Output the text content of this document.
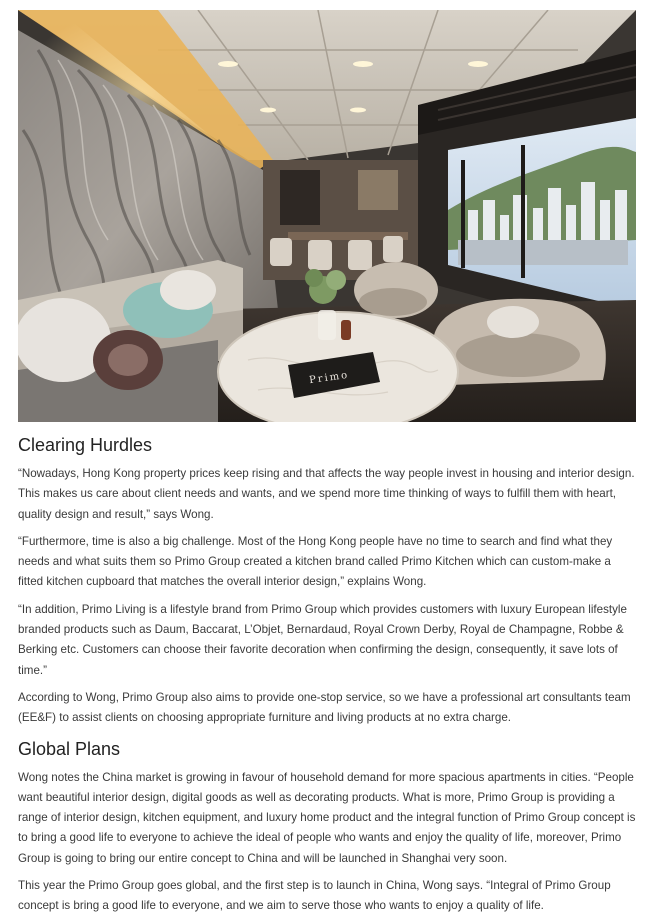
Primo
Clearing Hurdles

“Nowadays, Hong Kong property prices keep rising and that affects the way people invest in housing and interior design. This makes us care about client needs and wants, and we spend more time thinking of ways to fulfill them with heart, quality design and result,” says Wong.

“Furthermore, time is also a big challenge. Most of the Hong Kong people have no time to search and find what they needs and what suits them so Primo Group created a kitchen brand called Primo Kitchen which can custom-make a fitted kitchen cupboard that matches the overall interior design,” explains Wong.

“In addition, Primo Living is a lifestyle brand from Primo Group which provides customers with luxury European lifestyle branded products such as Daum, Baccarat, L’Objet, Bernardaud, Royal Crown Derby, Royal de Champagne, Robbe & Berking etc. Customers can choose their favorite decoration when confirming the design, consequently, it save lots of time.”

According to Wong, Primo Group also aims to provide one-stop service, so we have a professional art consultants team (EE&F) to assist clients on choosing appropriate furniture and living products at no extra charge.

Global Plans

Wong notes the China market is growing in favour of household demand for more spacious apartments in cities. “People want beautiful interior design, digital goods as well as decorating products. What is more, Primo Group is providing a range of interior design, kitchen equipment, and luxury home product and the integral function of Primo Group concept is to bring a good life to everyone to achieve the ideal of people who wants and enjoy the quality of life, moreover, Primo Group is going to bring our entire concept to China and will be launched in Shanghai very soon.

This year the Primo Group goes global, and the first step is to launch in China, Wong says. “Integral of Primo Group concept is bring a good life to everyone, and we aim to serve those who wants to enjoy a quality of life.
